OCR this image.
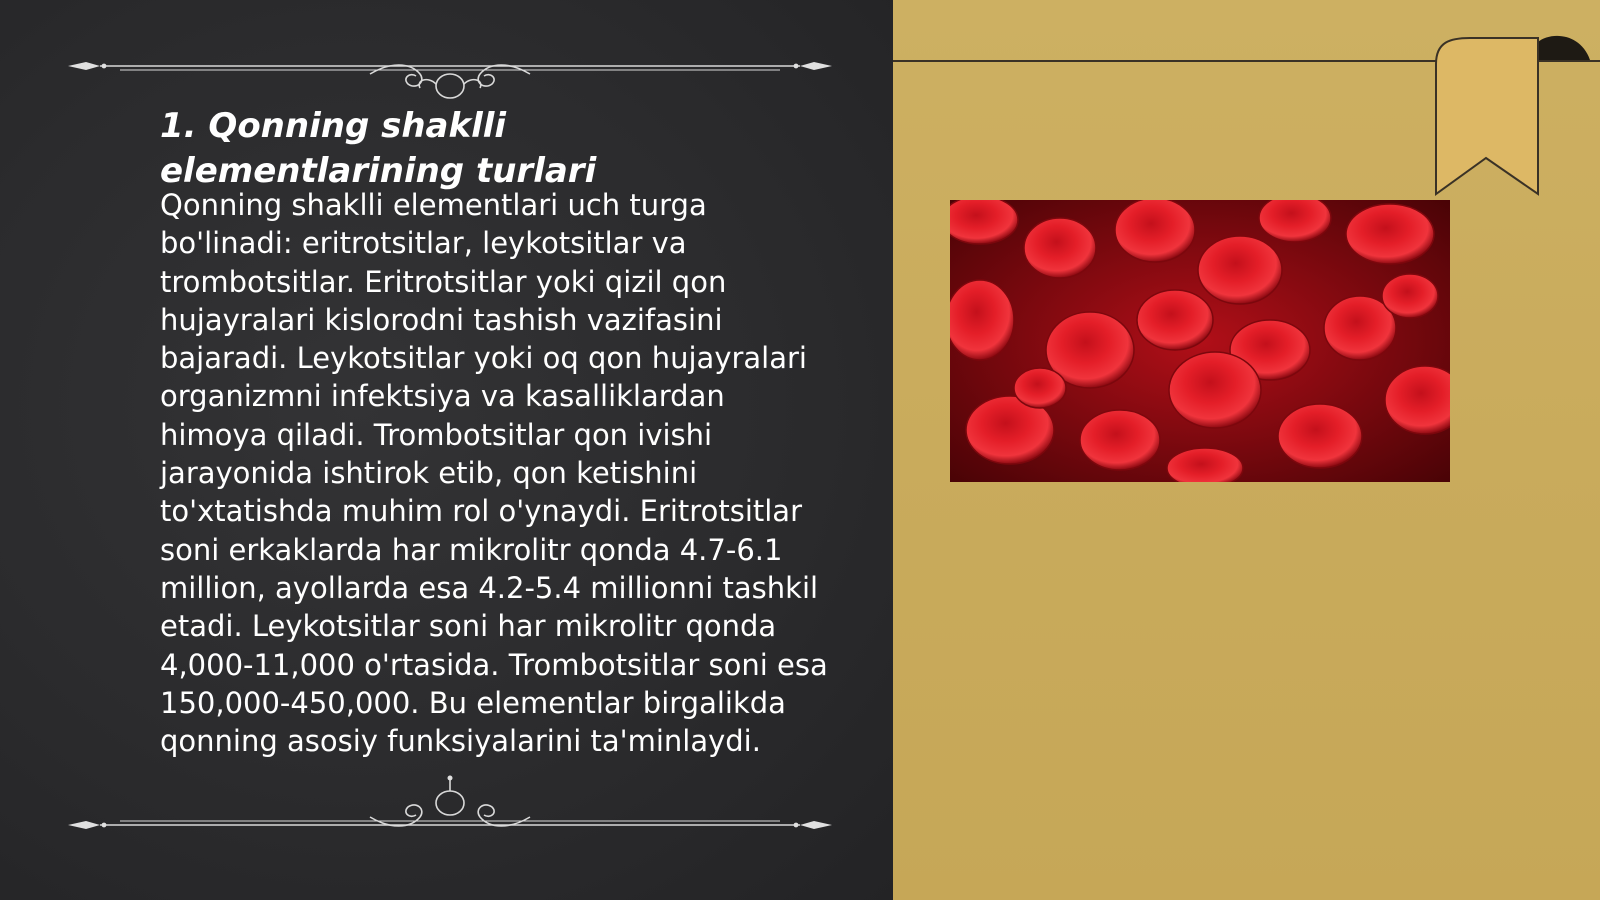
1. Qonning shaklli elementlarining turlari

Qonning shaklli elementlari uch turga bo'linadi: eritrotsitlar, leykotsitlar va trombotsitlar. Eritrotsitlar yoki qizil qon hujayralari kislorodni tashish vazifasini bajaradi. Leykotsitlar yoki oq qon hujayralari organizmni infektsiya va kasalliklardan himoya qiladi. Trombotsitlar qon ivishi jarayonida ishtirok etib, qon ketishini to'xtatishda muhim rol o'ynaydi. Eritrotsitlar soni erkaklarda har mikrolitr qonda 4.7-6.1 million, ayollarda esa 4.2-5.4 millionni tashkil etadi. Leykotsitlar soni har mikrolitr qonda 4,000-11,000 o'rtasida. Trombotsitlar soni esa 150,000-450,000. Bu elementlar birgalikda qonning asosiy funksiyalarini ta'minlaydi.
